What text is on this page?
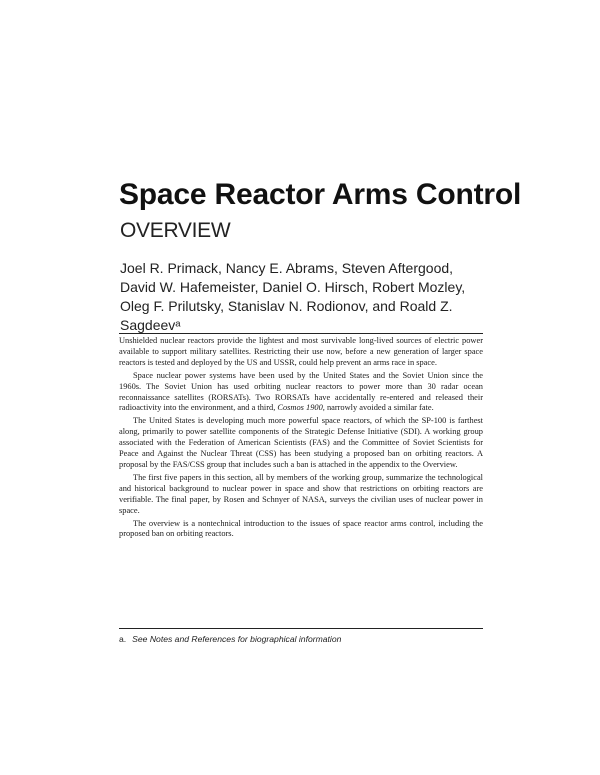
Space Reactor Arms Control
OVERVIEW
Joel R. Primack, Nancy E. Abrams, Steven Aftergood,
David W. Hafemeister, Daniel O. Hirsch, Robert Mozley,
Oleg F. Prilutsky, Stanislav N. Rodionov, and Roald Z.
Sagdeevᵃ

Unshielded nuclear reactors provide the lightest and most survivable long-lived sources of electric power available to support military satellites. Restricting their use now, before a new generation of larger space reactors is tested and deployed by the US and USSR, could help prevent an arms race in space.

Space nuclear power systems have been used by the United States and the Soviet Union since the 1960s. The Soviet Union has used orbiting nuclear reactors to power more than 30 radar ocean reconnaissance satellites (RORSATs). Two RORSATs have accidentally re-entered and released their radioactivity into the environment, and a third, Cosmos 1900, narrowly avoided a similar fate.

The United States is developing much more powerful space reactors, of which the SP-100 is farthest along, primarily to power satellite components of the Strategic Defense Initiative (SDI). A working group associated with the Federation of American Scientists (FAS) and the Committee of Soviet Scientists for Peace and Against the Nuclear Threat (CSS) has been studying a proposed ban on orbiting reactors. A proposal by the FAS/CSS group that includes such a ban is attached in the appendix to the Overview.

The first five papers in this section, all by members of the working group, summarize the technological and historical background to nuclear power in space and show that restrictions on orbiting reactors are verifiable. The final paper, by Rosen and Schnyer of NASA, surveys the civilian uses of nuclear power in space.

The overview is a nontechnical introduction to the issues of space reactor arms control, including the proposed ban on orbiting reactors.

a. See Notes and References for biographical information
